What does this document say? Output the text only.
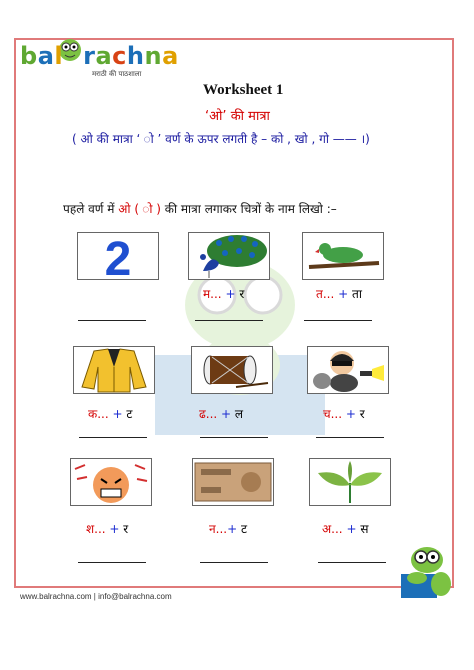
bal rachna
मराठी की पाठशाला
Worksheet 1
‘ओ’ की मात्रा
( ओ की मात्रा ‘ ो ’ वर्ण के ऊपर लगती है – को , खो , गो —— ।)
पहले वर्ण में ओ ( ो ) की मात्रा लगाकर चित्रों के नाम लिखो :–
2
म... + र	त... + ता
क... + ट	ढ... + ल	च... + र
श... + र	न...+ ट	अ... + स
www.balrachna.com | info@balrachna.com
